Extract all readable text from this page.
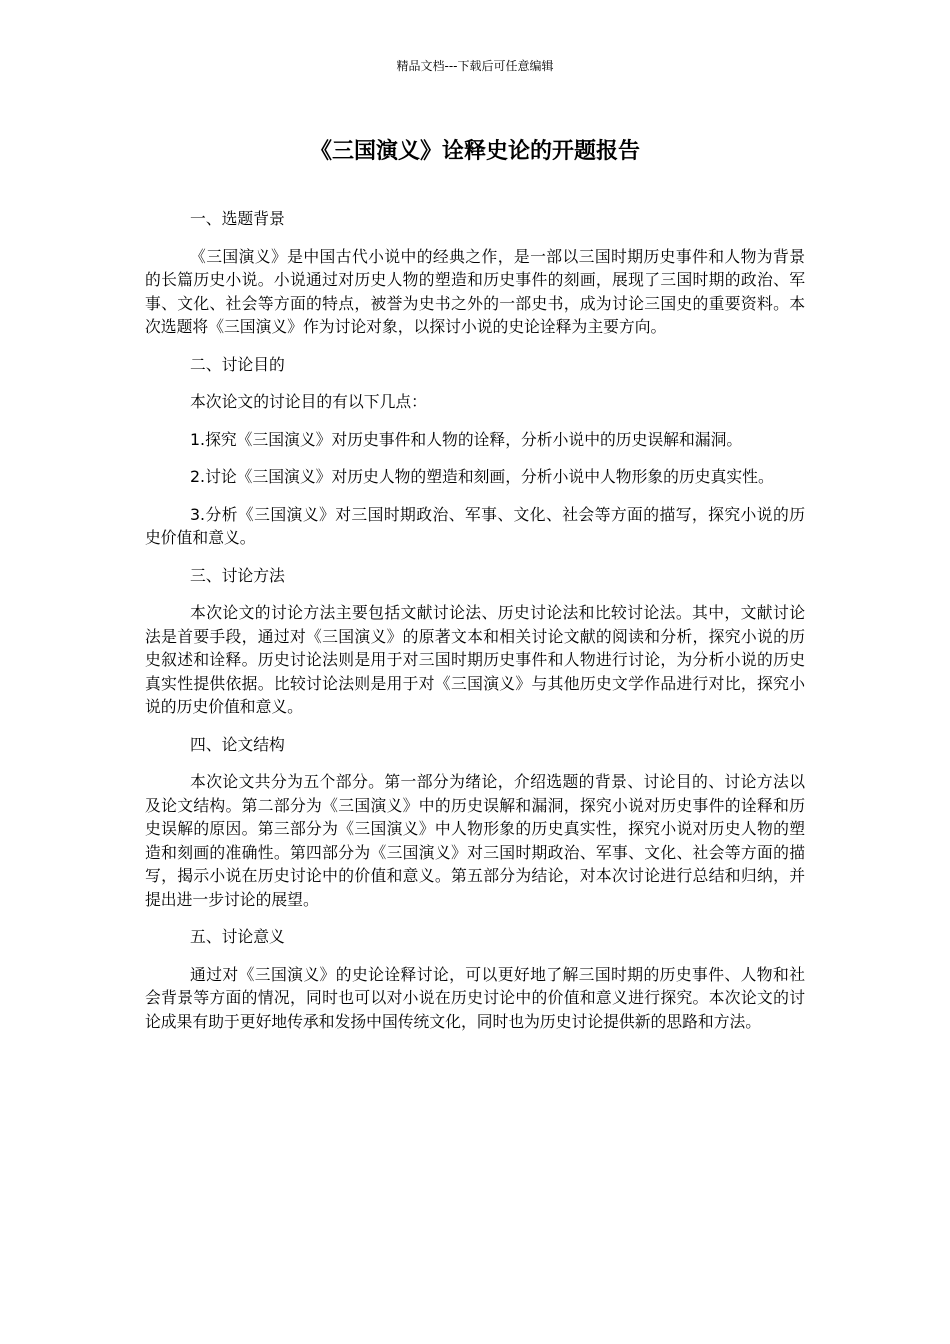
精品文档---下载后可任意编辑
《三国演义》诠释史论的开题报告

一、选题背景

《三国演义》是中国古代小说中的经典之作，是一部以三国时期历史事件和人物为背景的长篇历史小说。小说通过对历史人物的塑造和历史事件的刻画，展现了三国时期的政治、军事、文化、社会等方面的特点，被誉为史书之外的一部史书，成为讨论三国史的重要资料。本次选题将《三国演义》作为讨论对象，以探讨小说的史论诠释为主要方向。

二、讨论目的

本次论文的讨论目的有以下几点：

1.探究《三国演义》对历史事件和人物的诠释，分析小说中的历史误解和漏洞。

2.讨论《三国演义》对历史人物的塑造和刻画，分析小说中人物形象的历史真实性。

3.分析《三国演义》对三国时期政治、军事、文化、社会等方面的描写，探究小说的历史价值和意义。

三、讨论方法

本次论文的讨论方法主要包括文献讨论法、历史讨论法和比较讨论法。其中，文献讨论法是首要手段，通过对《三国演义》的原著文本和相关讨论文献的阅读和分析，探究小说的历史叙述和诠释。历史讨论法则是用于对三国时期历史事件和人物进行讨论，为分析小说的历史真实性提供依据。比较讨论法则是用于对《三国演义》与其他历史文学作品进行对比，探究小说的历史价值和意义。

四、论文结构

本次论文共分为五个部分。第一部分为绪论，介绍选题的背景、讨论目的、讨论方法以及论文结构。第二部分为《三国演义》中的历史误解和漏洞，探究小说对历史事件的诠释和历史误解的原因。第三部分为《三国演义》中人物形象的历史真实性，探究小说对历史人物的塑造和刻画的准确性。第四部分为《三国演义》对三国时期政治、军事、文化、社会等方面的描写，揭示小说在历史讨论中的价值和意义。第五部分为结论，对本次讨论进行总结和归纳，并提出进一步讨论的展望。

五、讨论意义

通过对《三国演义》的史论诠释讨论，可以更好地了解三国时期的历史事件、人物和社会背景等方面的情况，同时也可以对小说在历史讨论中的价值和意义进行探究。本次论文的讨论成果有助于更好地传承和发扬中国传统文化，同时也为历史讨论提供新的思路和方法。
